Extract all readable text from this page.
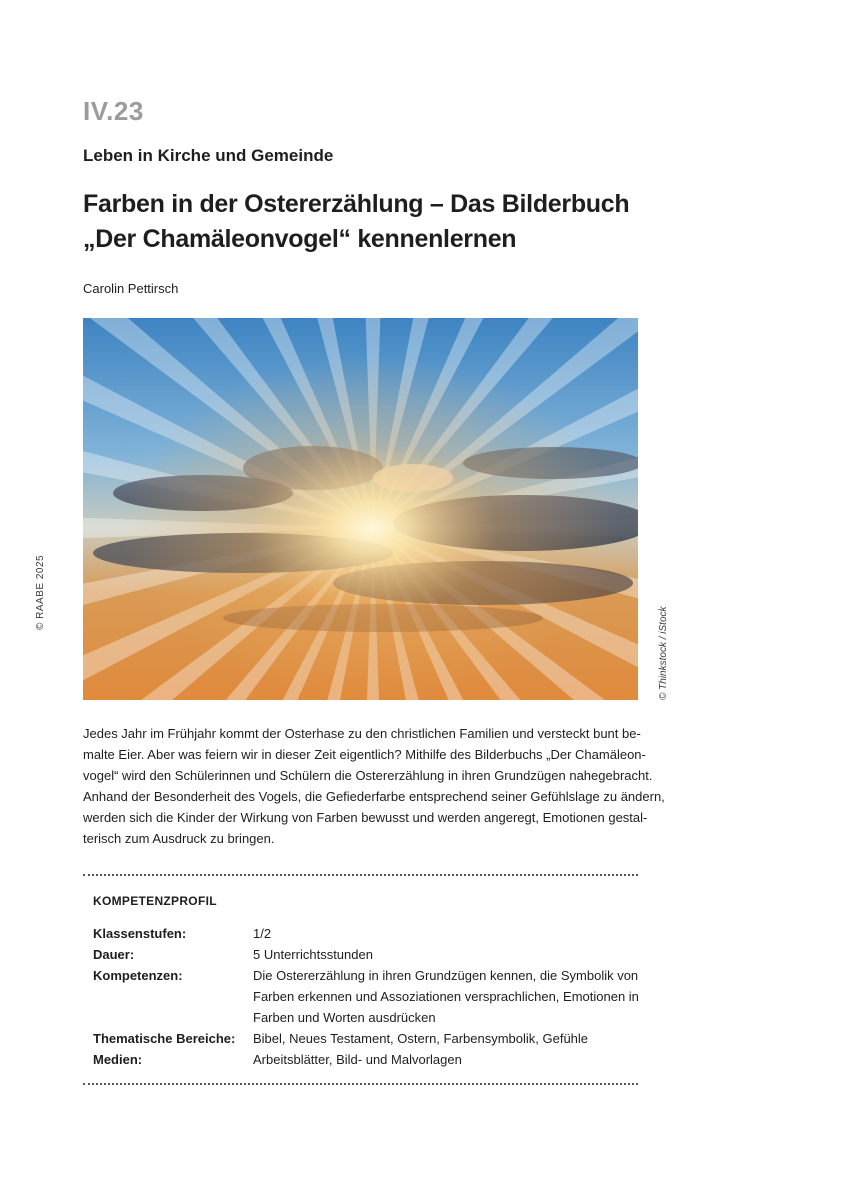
IV.23
Leben in Kirche und Gemeinde
Farben in der Ostererzählung – Das Bilderbuch
„Der Chamäleonvogel“ kennenlernen
Carolin Pettirsch
© RAABE 2025
© Thinkstock / iStock

Jedes Jahr im Frühjahr kommt der Osterhase zu den christlichen Familien und versteckt bunt be-
malte Eier. Aber was feiern wir in dieser Zeit eigentlich? Mithilfe des Bilderbuchs „Der Chamäleon-
vogel“ wird den Schülerinnen und Schülern die Ostererzählung in ihren Grundzügen nahegebracht.
Anhand der Besonderheit des Vogels, die Gefiederfarbe entsprechend seiner Gefühlslage zu ändern,
werden sich die Kinder der Wirkung von Farben bewusst und werden angeregt, Emotionen gestal-
terisch zum Ausdruck zu bringen.

KOMPETENZPROFIL
Klassenstufen:	1/2
Dauer:	5 Unterrichtsstunden
Kompetenzen:	Die Ostererzählung in ihren Grundzügen kennen, die Symbolik von
Farben erkennen und Assoziationen versprachlichen, Emotionen in
Farben und Worten ausdrücken
Thematische Bereiche:	Bibel, Neues Testament, Ostern, Farbensymbolik, Gefühle
Medien:	Arbeitsblätter, Bild- und Malvorlagen
